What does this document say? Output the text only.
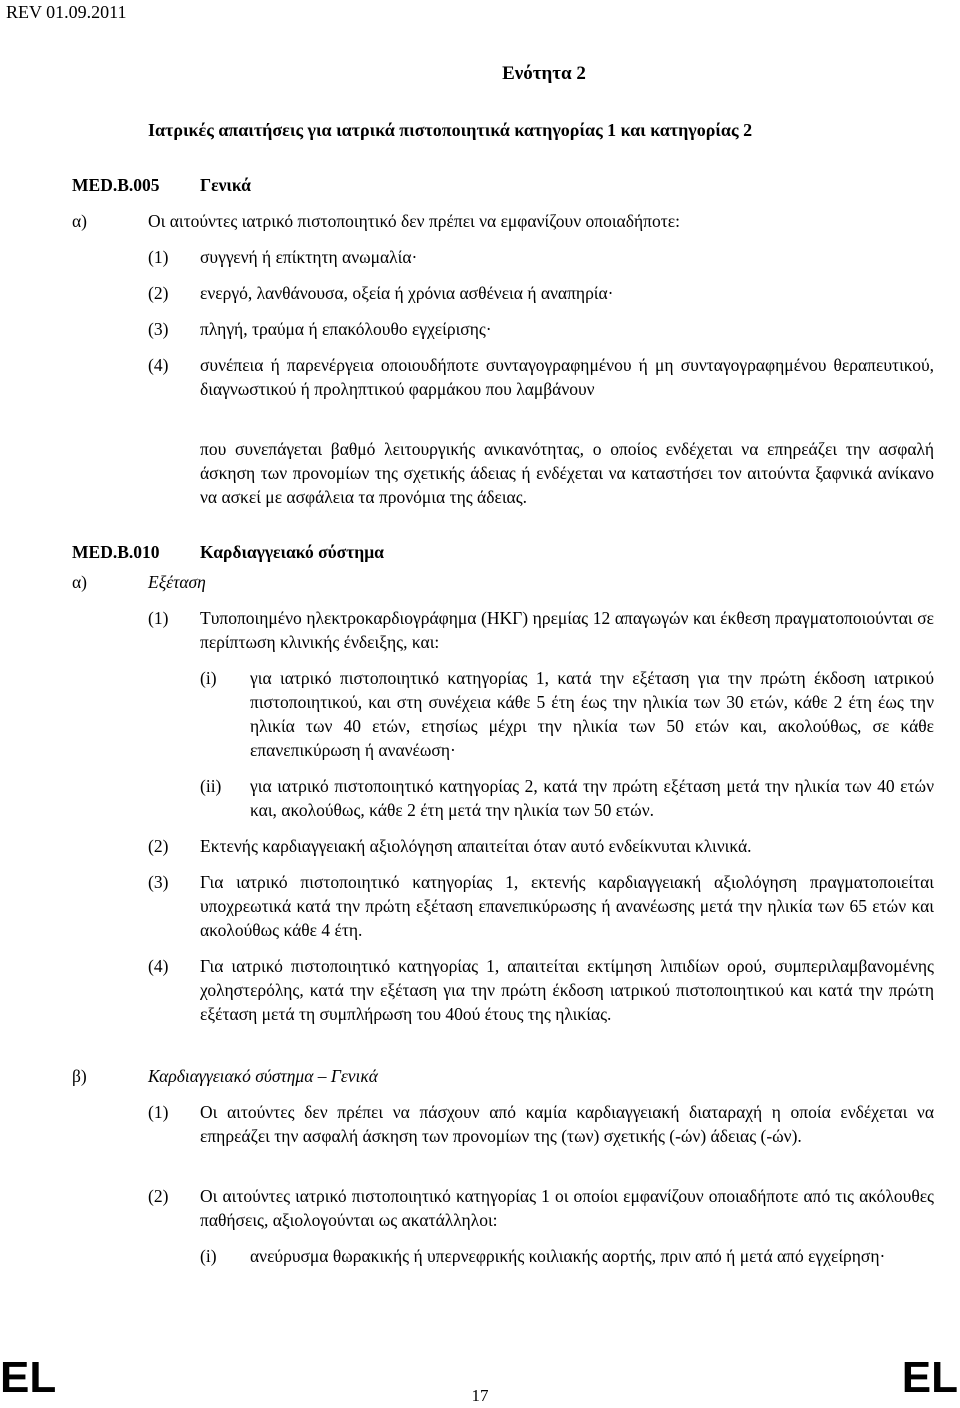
REV 01.09.2011
Ενότητα 2
Ιατρικές απαιτήσεις για ιατρικά πιστοποιητικά κατηγορίας 1 και κατηγορίας 2
MED.B.005 Γενικά
α)	Οι αιτούντες ιατρικό πιστοποιητικό δεν πρέπει να εμφανίζουν οποιαδήποτε:
(1) συγγενή ή επίκτητη ανωμαλία·
(2) ενεργό, λανθάνουσα, οξεία ή χρόνια ασθένεια ή αναπηρία·
(3) πληγή, τραύμα ή επακόλουθο εγχείρισης·
(4) συνέπεια ή παρενέργεια οποιουδήποτε συνταγογραφημένου ή μη συνταγογραφημένου θεραπευτικού, διαγνωστικού ή προληπτικού φαρμάκου που λαμβάνουν
που συνεπάγεται βαθμό λειτουργικής ανικανότητας, ο οποίος ενδέχεται να επηρεάζει την ασφαλή άσκηση των προνομίων της σχετικής άδειας ή ενδέχεται να καταστήσει τον αιτούντα ξαφνικά ανίκανο να ασκεί με ασφάλεια τα προνόμια της άδειας.
MED.B.010 Καρδιαγγειακό σύστημα
α)	Εξέταση
(1) Τυποποιημένο ηλεκτροκαρδιογράφημα (ΗΚΓ) ηρεμίας 12 απαγωγών και έκθεση πραγματοποιούνται σε περίπτωση κλινικής ένδειξης, και:
(i) για ιατρικό πιστοποιητικό κατηγορίας 1, κατά την εξέταση για την πρώτη έκδοση ιατρικού πιστοποιητικού, και στη συνέχεια κάθε 5 έτη έως την ηλικία των 30 ετών, κάθε 2 έτη έως την ηλικία των 40 ετών, ετησίως μέχρι την ηλικία των 50 ετών και, ακολούθως, σε κάθε επανεπικύρωση ή ανανέωση·
(ii) για ιατρικό πιστοποιητικό κατηγορίας 2, κατά την πρώτη εξέταση μετά την ηλικία των 40 ετών και, ακολούθως, κάθε 2 έτη μετά την ηλικία των 50 ετών.
(2) Εκτενής καρδιαγγειακή αξιολόγηση απαιτείται όταν αυτό ενδείκνυται κλινικά.
(3) Για ιατρικό πιστοποιητικό κατηγορίας 1, εκτενής καρδιαγγειακή αξιολόγηση πραγματοποιείται υποχρεωτικά κατά την πρώτη εξέταση επανεπικύρωσης ή ανανέωσης μετά την ηλικία των 65 ετών και ακολούθως κάθε 4 έτη.
(4) Για ιατρικό πιστοποιητικό κατηγορίας 1, απαιτείται εκτίμηση λιπιδίων ορού, συμπεριλαμβανομένης χοληστερόλης, κατά την εξέταση για την πρώτη έκδοση ιατρικού πιστοποιητικού και κατά την πρώτη εξέταση μετά τη συμπλήρωση του 40ού έτους της ηλικίας.
β)	Καρδιαγγειακό σύστημα – Γενικά
(1) Οι αιτούντες δεν πρέπει να πάσχουν από καμία καρδιαγγειακή διαταραχή η οποία ενδέχεται να επηρεάζει την ασφαλή άσκηση των προνομίων της (των) σχετικής (-ών) άδειας (-ών).
(2) Οι αιτούντες ιατρικό πιστοποιητικό κατηγορίας 1 οι οποίοι εμφανίζουν οποιαδήποτε από τις ακόλουθες παθήσεις, αξιολογούνται ως ακατάλληλοι:
(i) ανεύρυσμα θωρακικής ή υπερνεφρικής κοιλιακής αορτής, πριν από ή μετά από εγχείρηση·
EL	17	EL
